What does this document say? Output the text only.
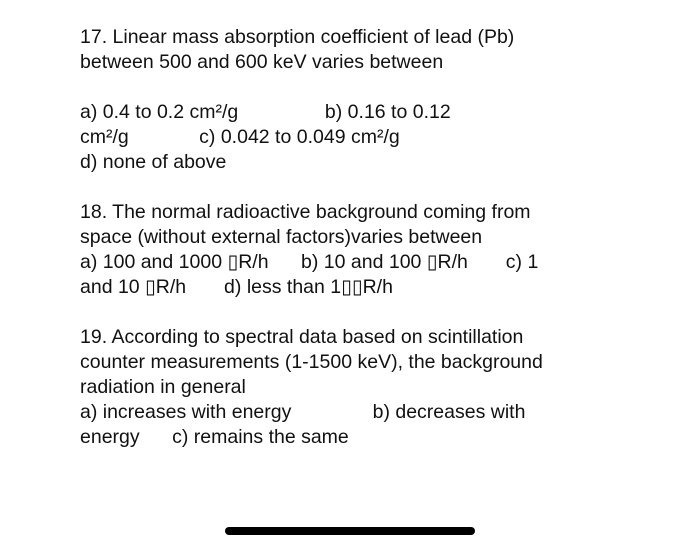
17. Linear mass absorption coefficient of lead (Pb)
between 500 and 600 keV varies between
a) 0.4 to 0.2 cm²/g                b) 0.16 to 0.12
cm²/g             c) 0.042 to 0.049 cm²/g
d) none of above
18. The normal radioactive background coming from
space (without external factors)varies between
a) 100 and 1000 ▯R/h      b) 10 and 100 ▯R/h       c) 1
and 10 ▯R/h       d) less than 1▯▯R/h
19. According to spectral data based on scintillation
counter measurements (1-1500 keV), the background
radiation in general
a) increases with energy               b) decreases with
energy      c) remains the same
